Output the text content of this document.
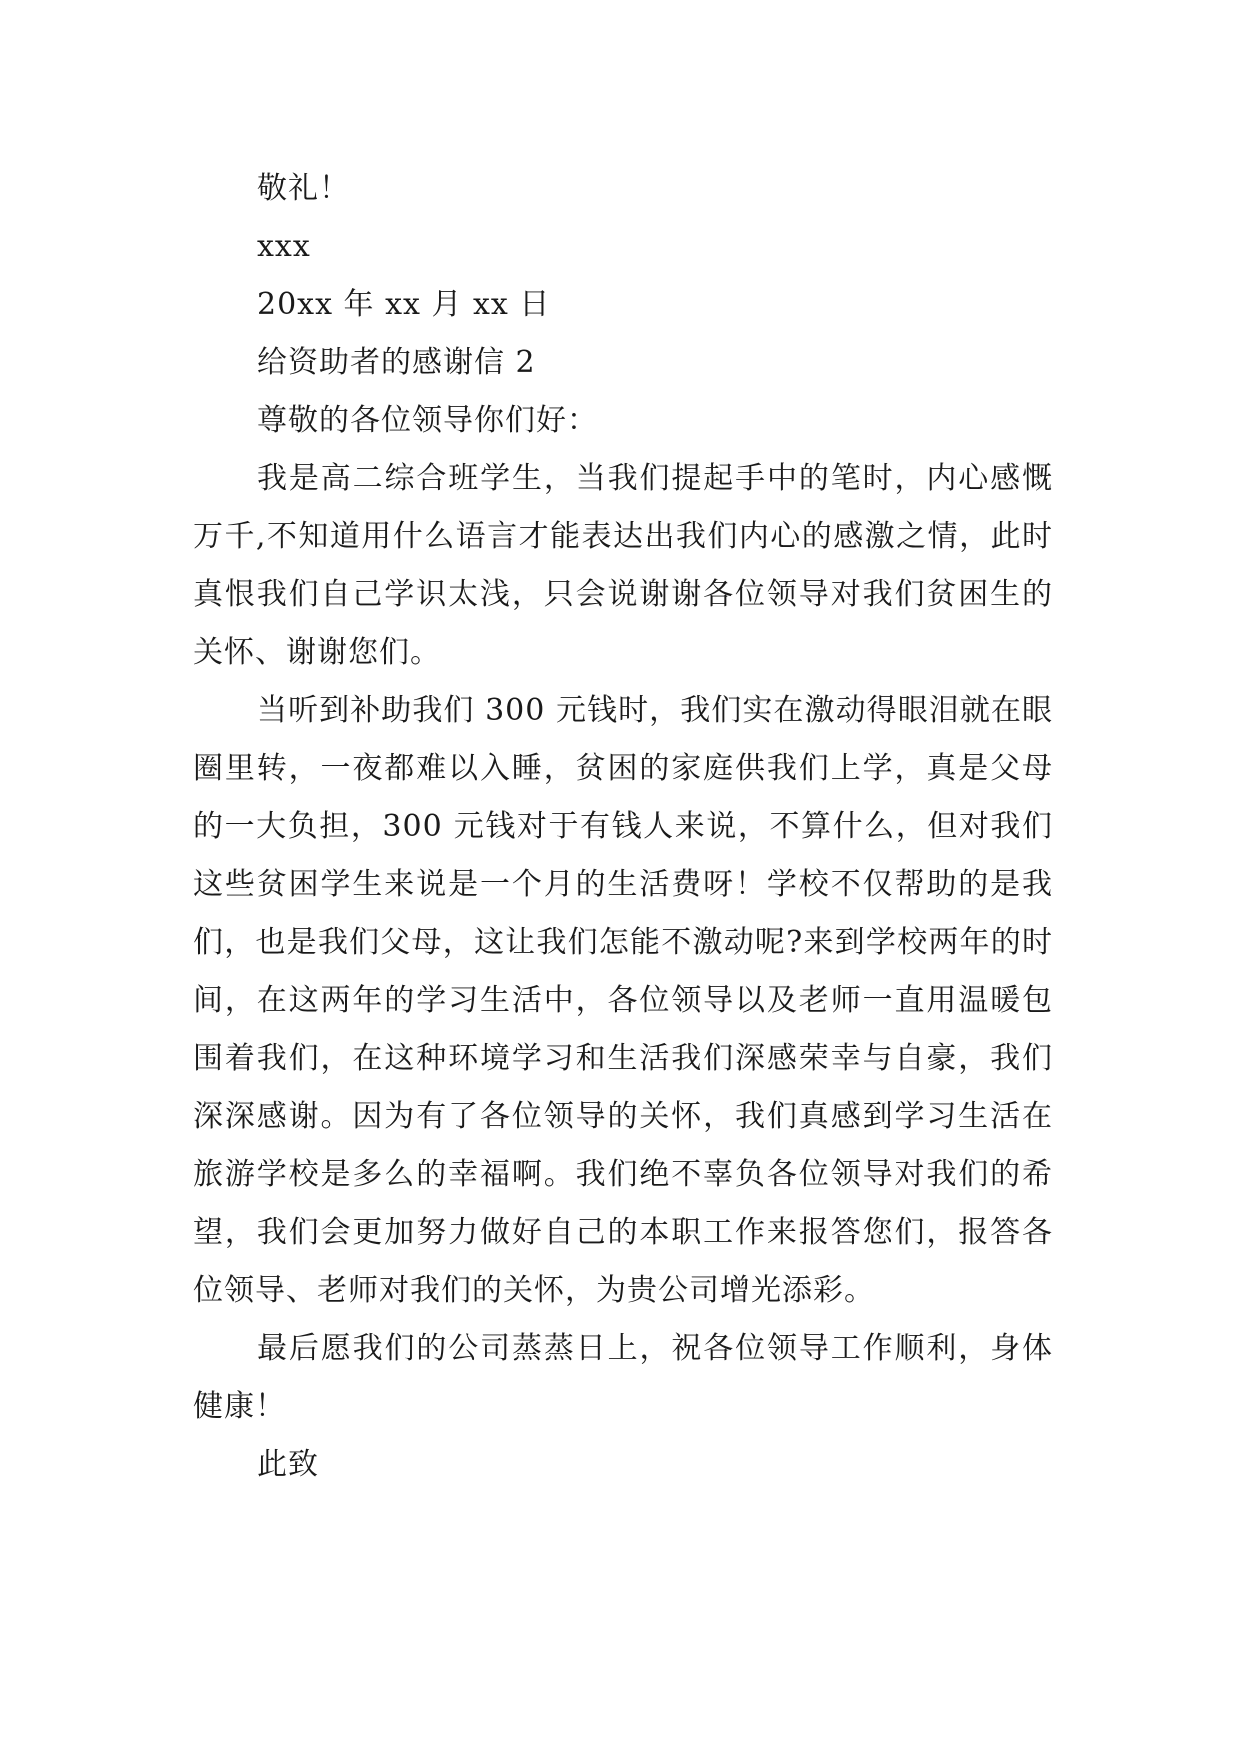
敬礼！
xxx
20xx 年 xx 月 xx 日
给资助者的感谢信 2
尊敬的各位领导你们好：

我是高二综合班学生，当我们提起手中的笔时，内心感慨万千,不知道用什么语言才能表达出我们内心的感激之情，此时真恨我们自己学识太浅，只会说谢谢各位领导对我们贫困生的关怀、谢谢您们。

当听到补助我们 300 元钱时，我们实在激动得眼泪就在眼圈里转，一夜都难以入睡，贫困的家庭供我们上学，真是父母的一大负担，300 元钱对于有钱人来说，不算什么，但对我们这些贫困学生来说是一个月的生活费呀！学校不仅帮助的是我们，也是我们父母，这让我们怎能不激动呢?来到学校两年的时间，在这两年的学习生活中，各位领导以及老师一直用温暖包围着我们，在这种环境学习和生活我们深感荣幸与自豪，我们深深感谢。因为有了各位领导的关怀，我们真感到学习生活在旅游学校是多么的幸福啊。我们绝不辜负各位领导对我们的希望，我们会更加努力做好自己的本职工作来报答您们，报答各位领导、老师对我们的关怀，为贵公司增光添彩。

最后愿我们的公司蒸蒸日上，祝各位领导工作顺利，身体健康！

此致
